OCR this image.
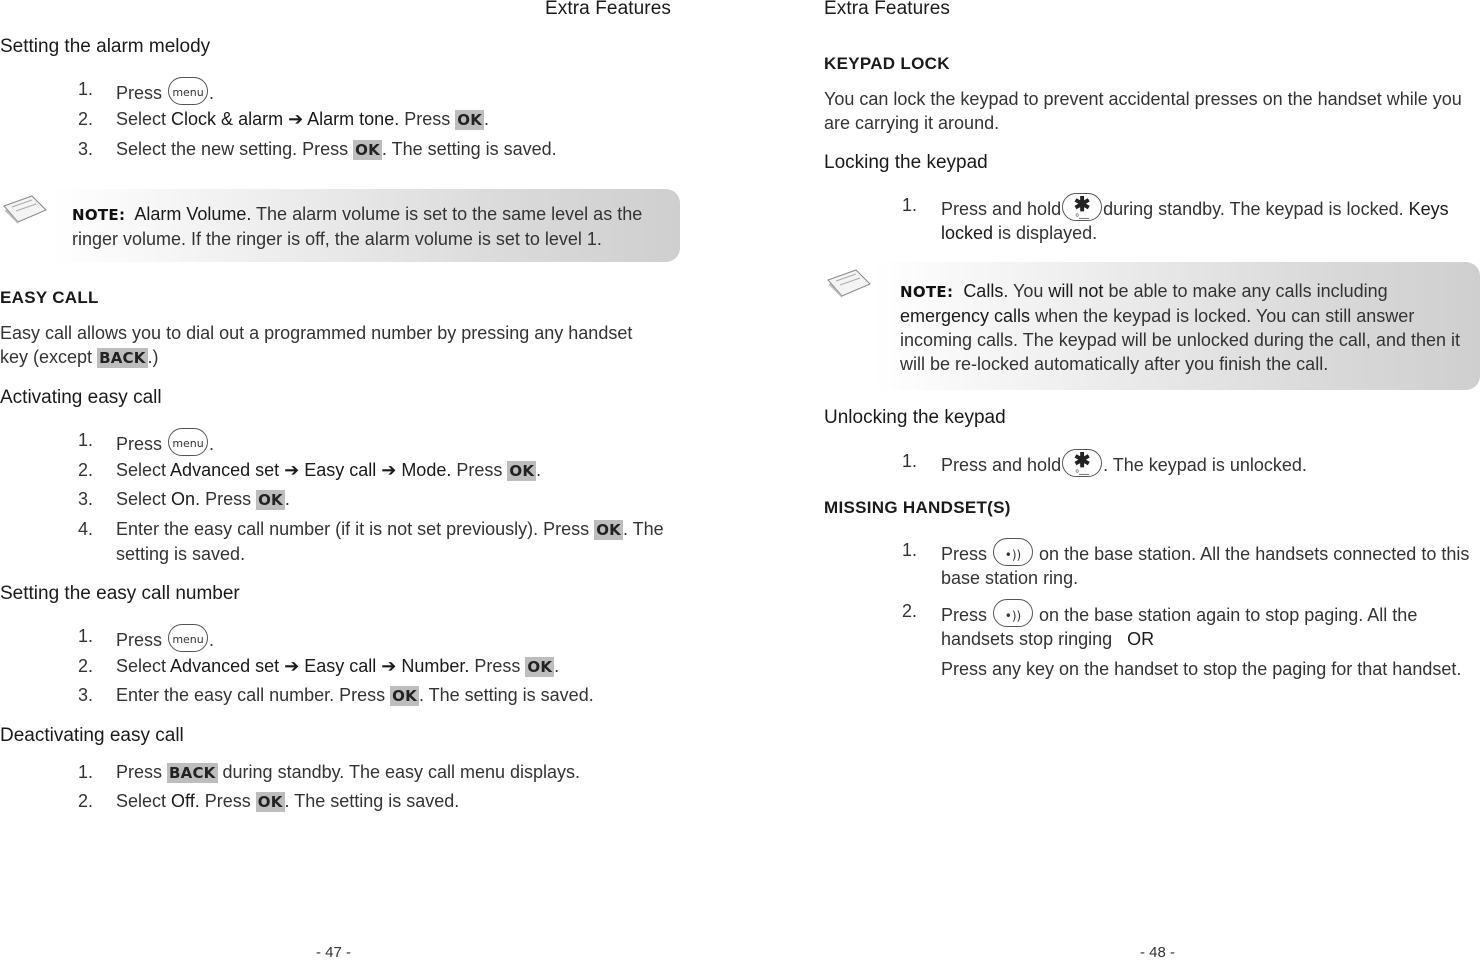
Extra Features
Setting the alarm melody
1. Press menu .
2. Select Clock & alarm ➔ Alarm tone. Press OK .
3. Select the new setting. Press OK . The setting is saved.
NOTE: Alarm Volume. The alarm volume is set to the same level as the
ringer volume. If the ringer is off, the alarm volume is set to level 1.
EASY CALL
Easy call allows you to dial out a programmed number by pressing any handset
key (except BACK .)
Activating easy call
1. Press menu .
2. Select Advanced set ➔ Easy call ➔ Mode. Press OK .
3. Select On. Press OK .
4. Enter the easy call number (if it is not set previously). Press OK . The
setting is saved.
Setting the easy call number
1. Press menu .
2. Select Advanced set ➔ Easy call ➔ Number. Press OK .
3. Enter the easy call number. Press OK . The setting is saved.
Deactivating easy call
1. Press BACK during standby. The easy call menu displays.
2. Select Off. Press OK . The setting is saved.
- 47 -
Extra Features
KEYPAD LOCK
You can lock the keypad to prevent accidental presses on the handset while you
are carrying it around.
Locking the keypad
1. Press and hold ✱
°— during standby. The keypad is locked. Keys
locked is displayed.
NOTE: Calls. You will not be able to make any calls including
emergency calls when the keypad is locked. You can still answer
incoming calls. The keypad will be unlocked during the call, and then it
will be re-locked automatically after you finish the call.
Unlocking the keypad
1. Press and hold ✱
°— . The keypad is unlocked.
MISSING HANDSET(S)
1. Press	•)) on the base station. All the handsets connected to this
base station ring.
2. Press	•)) on the base station again to stop paging. All the
handsets stop ringing OR
Press any key on the handset to stop the paging for that handset.
- 48 -
